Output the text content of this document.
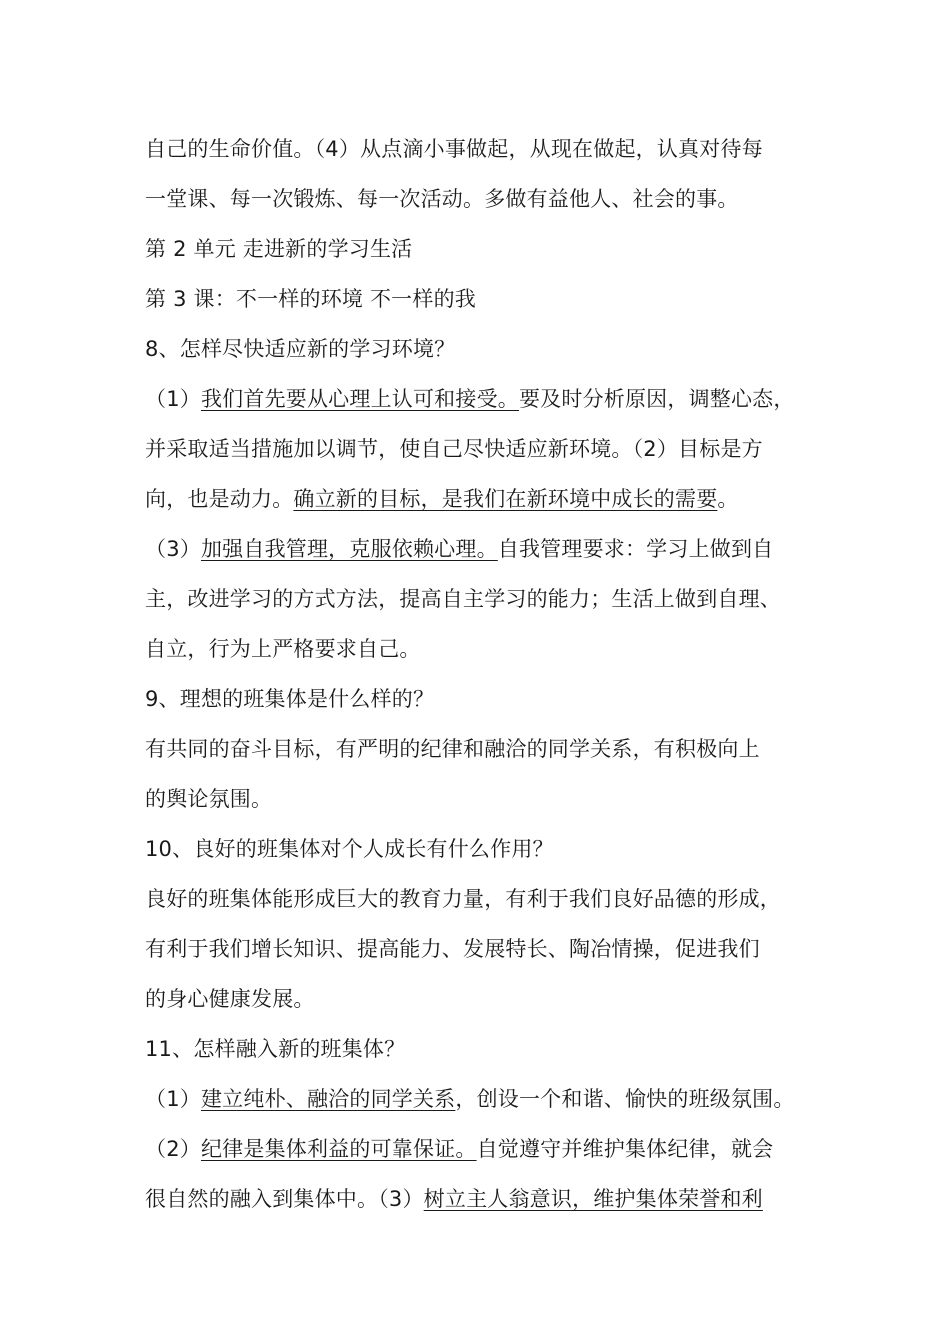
自己的生命价值。（4）从点滴小事做起，从现在做起，认真对待每
一堂课、每一次锻炼、每一次活动。多做有益他人、社会的事。
第 2 单元 走进新的学习生活
第 3 课：不一样的环境 不一样的我
8、怎样尽快适应新的学习环境？
（1）我们首先要从心理上认可和接受。要及时分析原因，调整心态，
并采取适当措施加以调节，使自己尽快适应新环境。（2）目标是方
向，也是动力。确立新的目标，是我们在新环境中成长的需要。
（3）加强自我管理，克服依赖心理。自我管理要求：学习上做到自
主，改进学习的方式方法，提高自主学习的能力；生活上做到自理、
自立，行为上严格要求自己。
9、理想的班集体是什么样的？
有共同的奋斗目标，有严明的纪律和融洽的同学关系，有积极向上
的舆论氛围。
10、良好的班集体对个人成长有什么作用？
良好的班集体能形成巨大的教育力量，有利于我们良好品德的形成，
有利于我们增长知识、提高能力、发展特长、陶冶情操，促进我们
的身心健康发展。
11、怎样融入新的班集体？
（1）建立纯朴、融洽的同学关系，创设一个和谐、愉快的班级氛围。
（2）纪律是集体利益的可靠保证。自觉遵守并维护集体纪律，就会
很自然的融入到集体中。（3）树立主人翁意识，维护集体荣誉和利
